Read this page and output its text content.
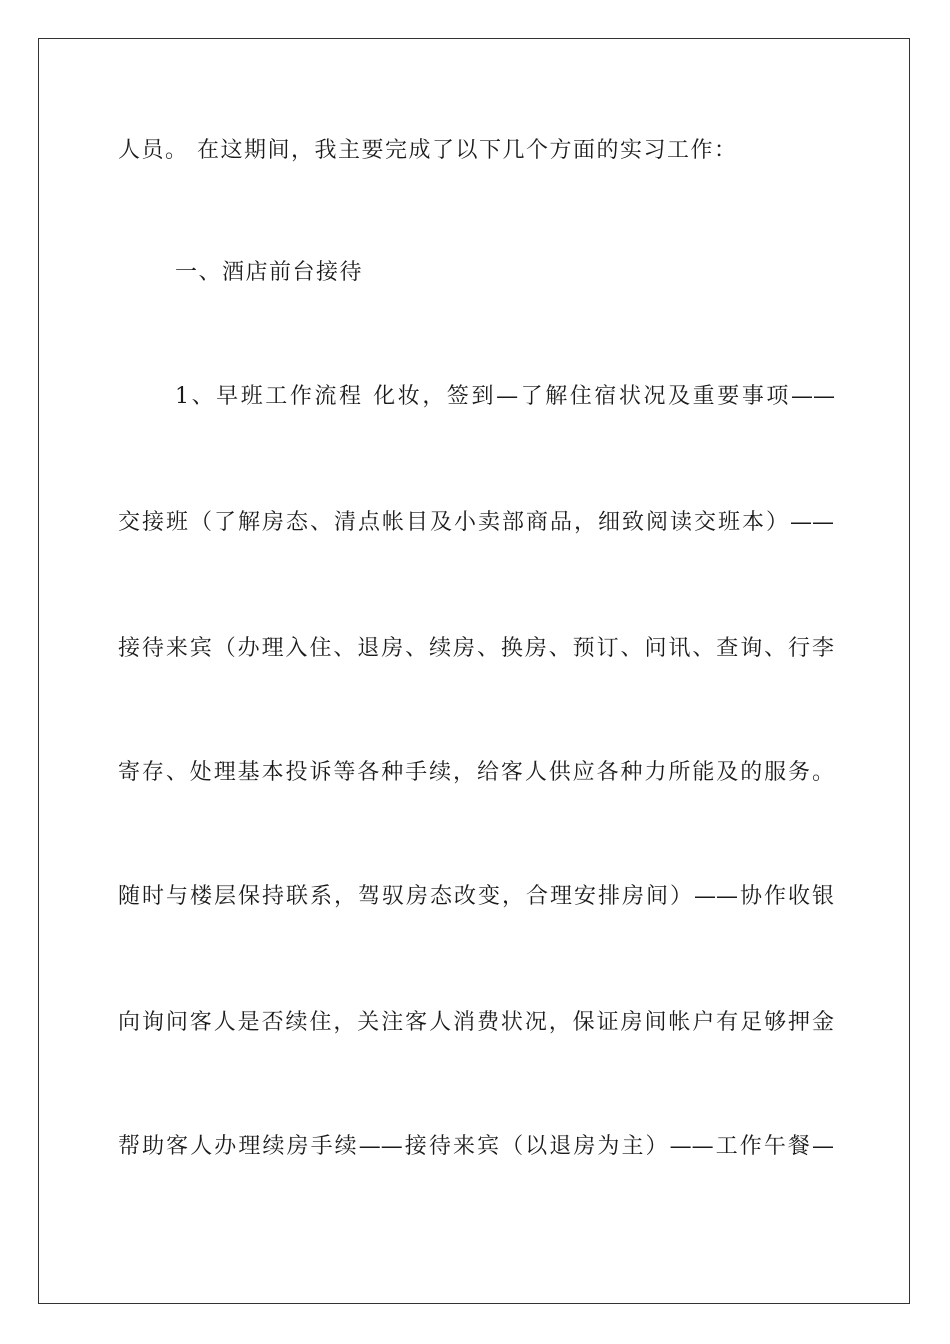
人员。 在这期间，我主要完成了以下几个方面的实习工作：
一、酒店前台接待
1、早班工作流程 化妆，签到—了解住宿状况及重要事项——
交接班（了解房态、清点帐目及小卖部商品，细致阅读交班本）——
接待来宾（办理入住、退房、续房、换房、预订、问讯、查询、行李
寄存、处理基本投诉等各种手续，给客人供应各种力所能及的服务。
随时与楼层保持联系，驾驭房态改变，合理安排房间）——协作收银
向询问客人是否续住，关注客人消费状况，保证房间帐户有足够押金
帮助客人办理续房手续——接待来宾（以退房为主）——工作午餐—
